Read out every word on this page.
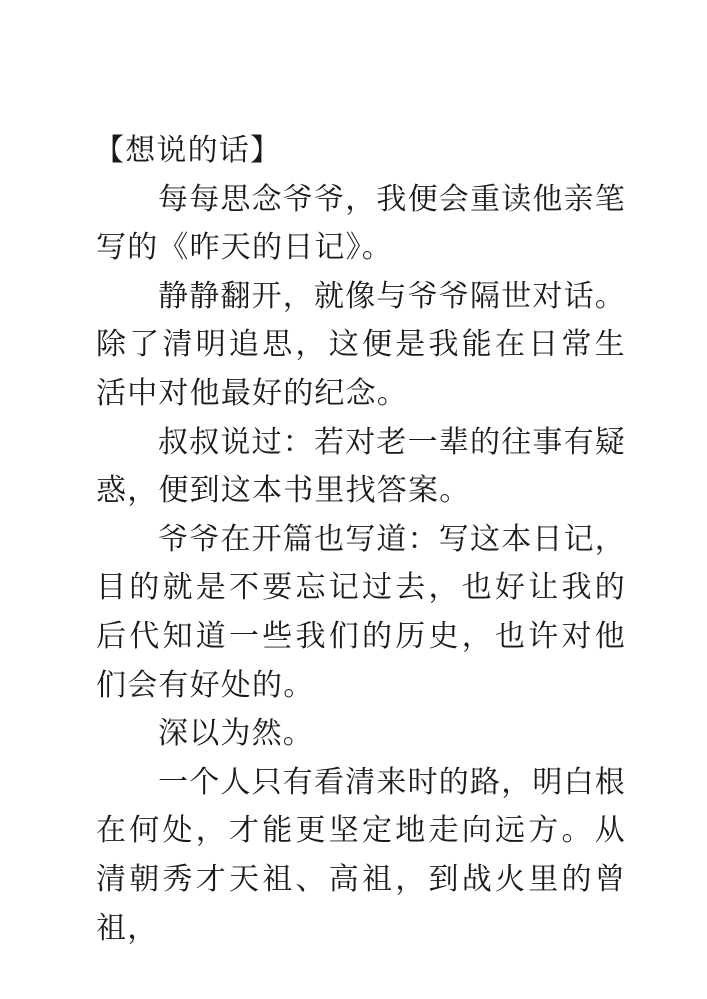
【想说的话】

每每思念爷爷，我便会重读他亲笔写的《昨天的日记》。

静静翻开，就像与爷爷隔世对话。除了清明追思，这便是我能在日常生活中对他最好的纪念。

叔叔说过：若对老一辈的往事有疑惑，便到这本书里找答案。

爷爷在开篇也写道：写这本日记，目的就是不要忘记过去，也好让我的后代知道一些我们的历史，也许对他们会有好处的。

深以为然。

一个人只有看清来时的路，明白根在何处，才能更坚定地走向远方。从清朝秀才天祖、高祖，到战火里的曾祖，
